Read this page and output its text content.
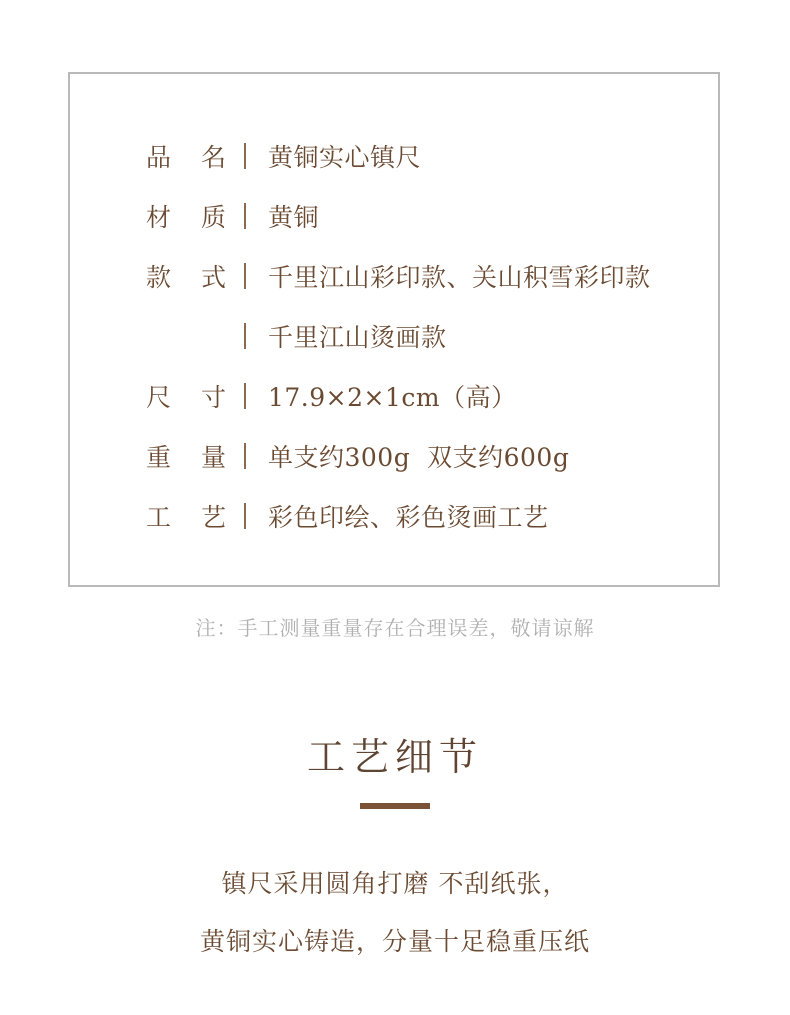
品 名 黄铜实心镇尺
材 质 黄铜
款 式 千里江山彩印款、关山积雪彩印款
千里江山烫画款
尺 寸 17.9×2×1cm（高）
重 量 单支约300g  双支约600g
工 艺 彩色印绘、彩色烫画工艺
注：手工测量重量存在合理误差，敬请谅解
工艺细节
镇尺采用圆角打磨 不刮纸张，
黄铜实心铸造，分量十足稳重压纸
